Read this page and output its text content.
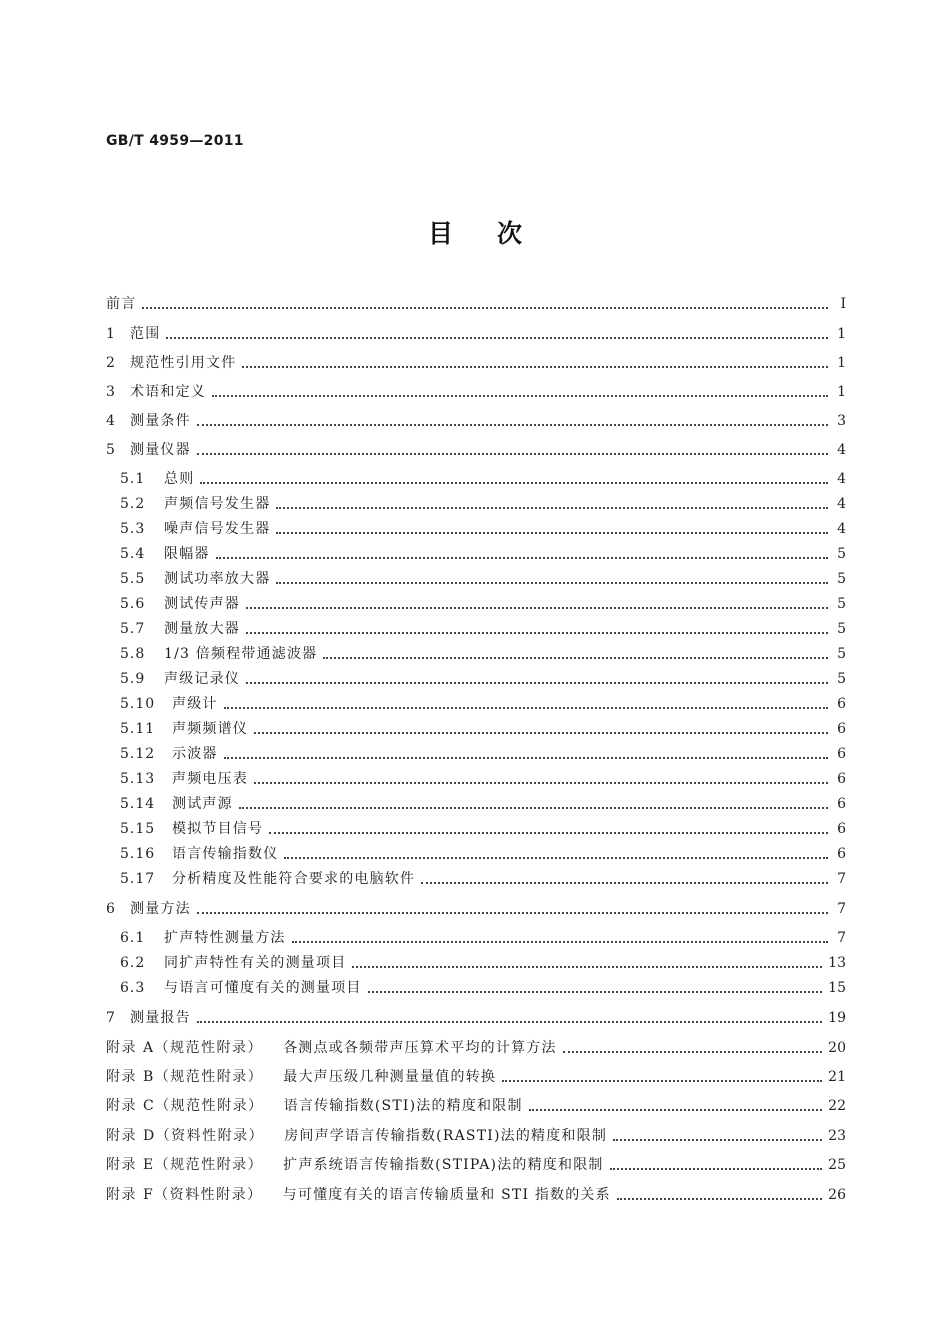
GB/T 4959—2011
目次
前言	Ⅰ
1	范围	1
2	规范性引用文件	1
3	术语和定义	1
4	测量条件	3
5	测量仪器	4
5.1	总则	4
5.2	声频信号发生器	4
5.3	噪声信号发生器	4
5.4	限幅器	5
5.5	测试功率放大器	5
5.6	测试传声器	5
5.7	测量放大器	5
5.8	1/3 倍频程带通滤波器	5
5.9	声级记录仪	5
5.10	声级计	6
5.11	声频频谱仪	6
5.12	示波器	6
5.13	声频电压表	6
5.14	测试声源	6
5.15	模拟节目信号	6
5.16	语言传输指数仪	6
5.17	分析精度及性能符合要求的电脑软件	7
6	测量方法	7
6.1	扩声特性测量方法	7
6.2	同扩声特性有关的测量项目	13
6.3	与语言可懂度有关的测量项目	15
7	测量报告	19
附录 A（规范性附录） 各测点或各频带声压算术平均的计算方法	20
附录 B（规范性附录） 最大声压级几种测量量值的转换	21
附录 C（规范性附录） 语言传输指数(STI)法的精度和限制	22
附录 D（资料性附录） 房间声学语言传输指数(RASTI)法的精度和限制	23
附录 E（规范性附录） 扩声系统语言传输指数(STIPA)法的精度和限制	25
附录 F（资料性附录） 与可懂度有关的语言传输质量和 STI 指数的关系	26
